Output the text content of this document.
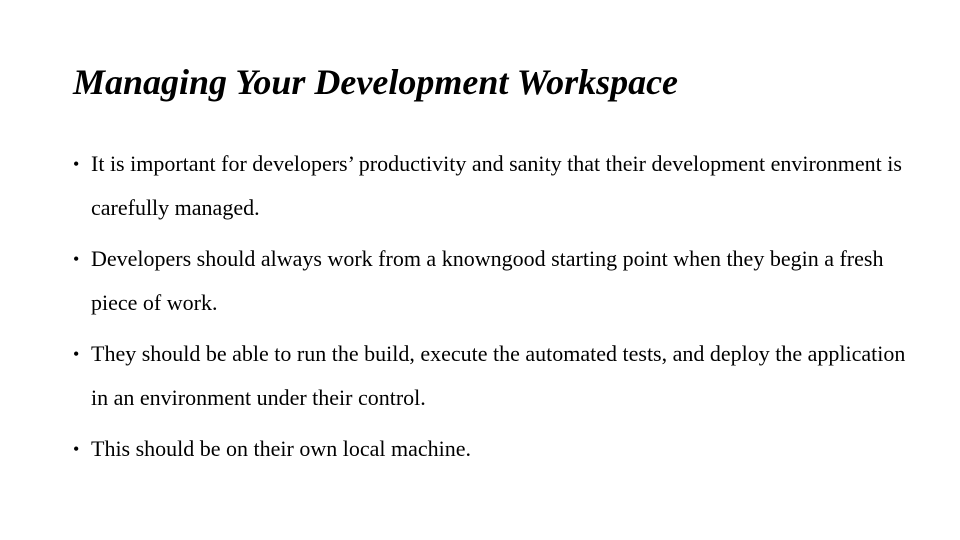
Managing Your Development Workspace
• It is important for developers’ productivity and sanity that their development environment is carefully managed.
• Developers should always work from a knowngood starting point when they begin a fresh piece of work.
• They should be able to run the build, execute the automated tests, and deploy the application in an environment under their control.
• This should be on their own local machine.
